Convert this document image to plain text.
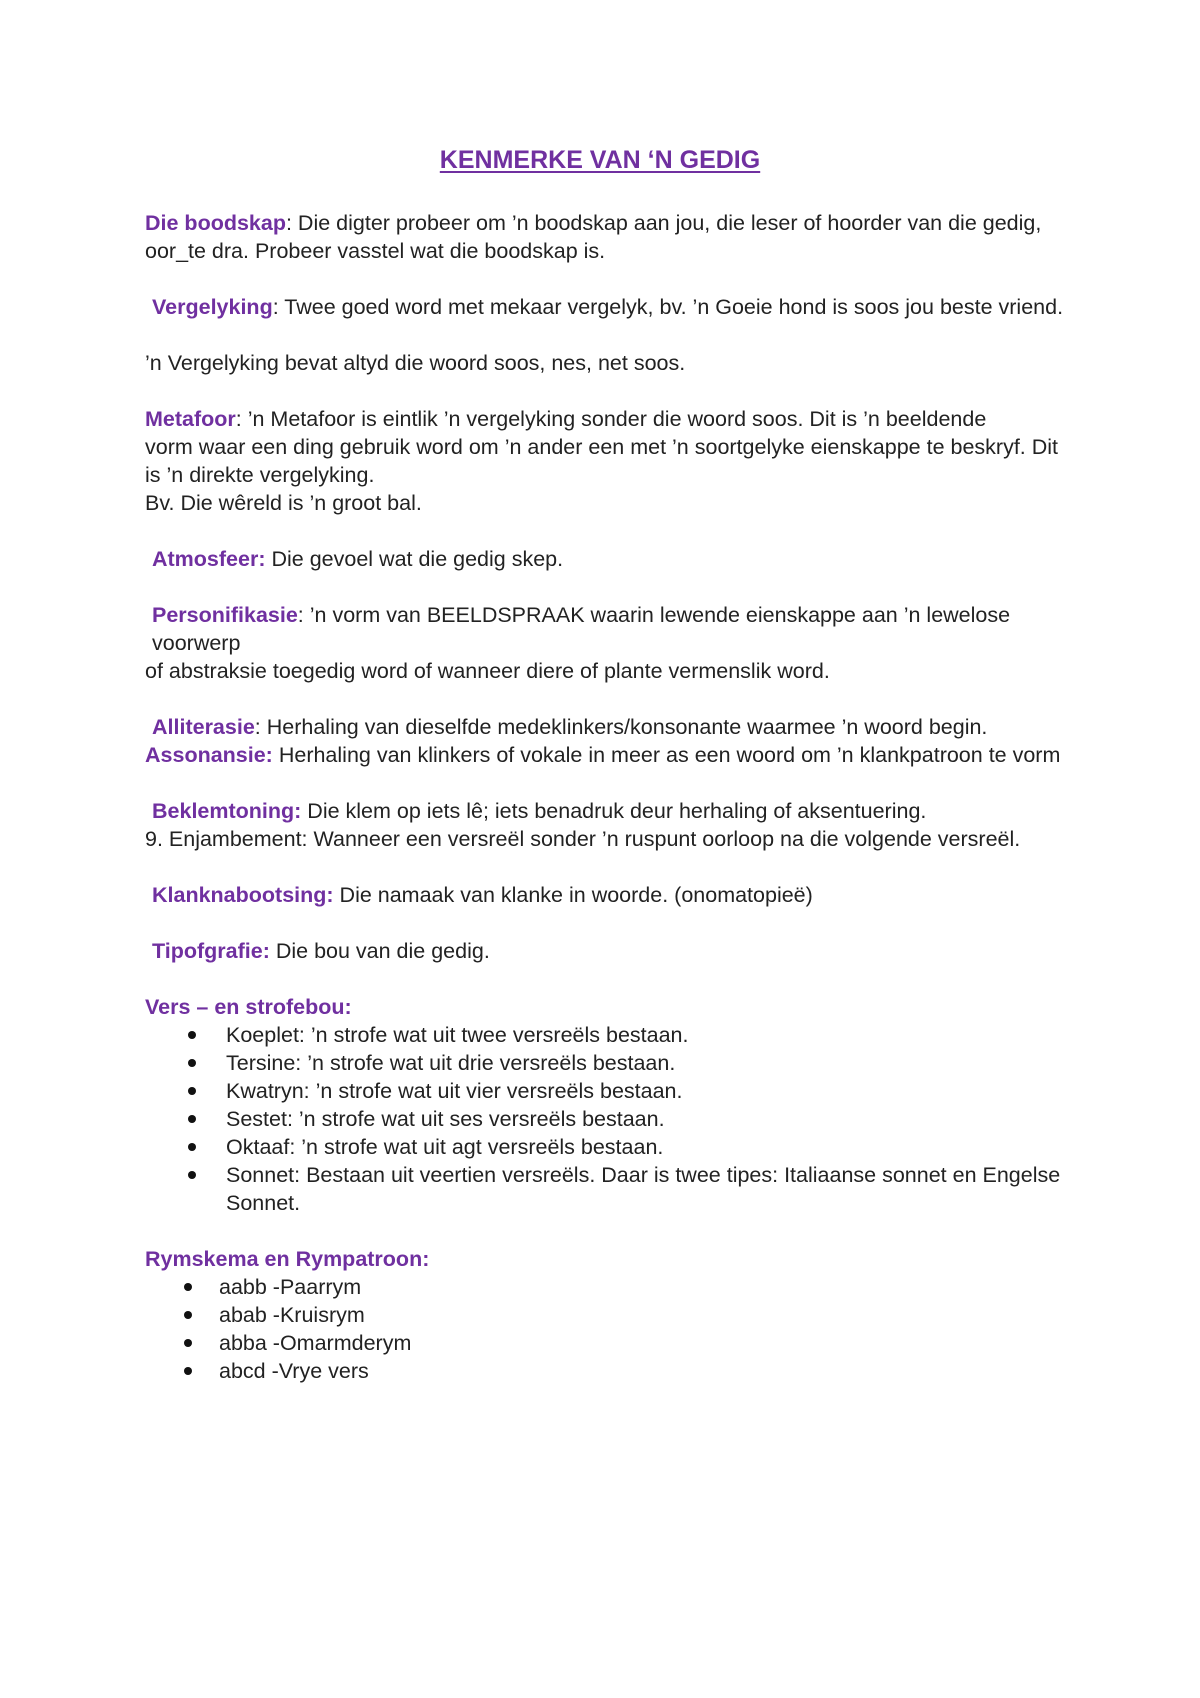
KENMERKE VAN ‘N GEDIG

Die boodskap: Die digter probeer om ’n boodskap aan jou, die leser of hoorder van die gedig, oor_te dra. Probeer vasstel wat die boodskap is.

Vergelyking: Twee goed word met mekaar vergelyk, bv. ’n Goeie hond is soos jou beste vriend.

’n Vergelyking bevat altyd die woord soos, nes, net soos.

Metafoor: ’n Metafoor is eintlik ’n vergelyking sonder die woord soos. Dit is ’n beeldende

vorm waar een ding gebruik word om ’n ander een met ’n soortgelyke eienskappe te beskryf. Dit is ’n direkte vergelyking.

Bv. Die wêreld is ’n groot bal.

Atmosfeer: Die gevoel wat die gedig skep.

Personifikasie: ’n vorm van BEELDSPRAAK waarin lewende eienskappe aan ’n lewelose voorwerp

of abstraksie toegedig word of wanneer diere of plante vermenslik word.

Alliterasie: Herhaling van dieselfde medeklinkers/konsonante waarmee ’n woord begin.

Assonansie: Herhaling van klinkers of vokale in meer as een woord om ’n klankpatroon te vorm

Beklemtoning: Die klem op iets lê; iets benadruk deur herhaling of aksentuering.

9. Enjambement: Wanneer een versreël sonder ’n ruspunt oorloop na die volgende versreël.

Klanknabootsing: Die namaak van klanke in woorde. (onomatopieë)

Tipofgrafie: Die bou van die gedig.

Vers – en strofebou:

Koeplet: ’n strofe wat uit twee versreëls bestaan.
Tersine: ’n strofe wat uit drie versreëls bestaan.
Kwatryn: ’n strofe wat uit vier versreëls bestaan.
Sestet: ’n strofe wat uit ses versreëls bestaan.
Oktaaf: ’n strofe wat uit agt versreëls bestaan.
Sonnet: Bestaan uit veertien versreëls. Daar is twee tipes: Italiaanse sonnet en Engelse Sonnet.

Rymskema en Rympatroon:

aabb -Paarrym
abab -Kruisrym
abba -Omarmderym
abcd -Vrye vers
